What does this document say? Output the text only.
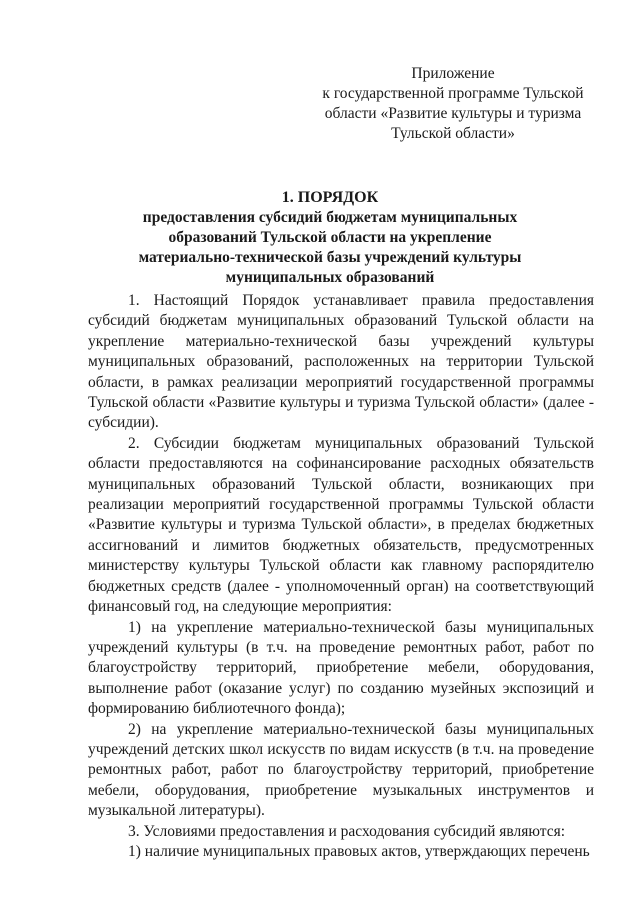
Приложение
к государственной программе Тульской
области «Развитие культуры и туризма
Тульской области»
1. ПОРЯДОК
предоставления субсидий бюджетам муниципальных
образований Тульской области на укрепление
материально-технической базы учреждений культуры
муниципальных образований

1. Настоящий Порядок устанавливает правила предоставления субсидий бюджетам муниципальных образований Тульской области на укрепление материально-технической базы учреждений культуры муниципальных образований, расположенных на территории Тульской области, в рамках реализации мероприятий государственной программы Тульской области «Развитие культуры и туризма Тульской области» (далее - субсидии).

2. Субсидии бюджетам муниципальных образований Тульской области предоставляются на софинансирование расходных обязательств муниципальных образований Тульской области, возникающих при реализации мероприятий государственной программы Тульской области «Развитие культуры и туризма Тульской области», в пределах бюджетных ассигнований и лимитов бюджетных обязательств, предусмотренных министерству культуры Тульской области как главному распорядителю бюджетных средств (далее - уполномоченный орган) на соответствующий финансовый год, на следующие мероприятия:

1) на укрепление материально-технической базы муниципальных учреждений культуры (в т.ч. на проведение ремонтных работ, работ по благоустройству территорий, приобретение мебели, оборудования, выполнение работ (оказание услуг) по созданию музейных экспозиций и формированию библиотечного фонда);

2) на укрепление материально-технической базы муниципальных учреждений детских школ искусств по видам искусств (в т.ч. на проведение ремонтных работ, работ по благоустройству территорий, приобретение мебели, оборудования, приобретение музыкальных инструментов и музыкальной литературы).

3. Условиями предоставления и расходования субсидий являются:

1) наличие муниципальных правовых актов, утверждающих перечень
